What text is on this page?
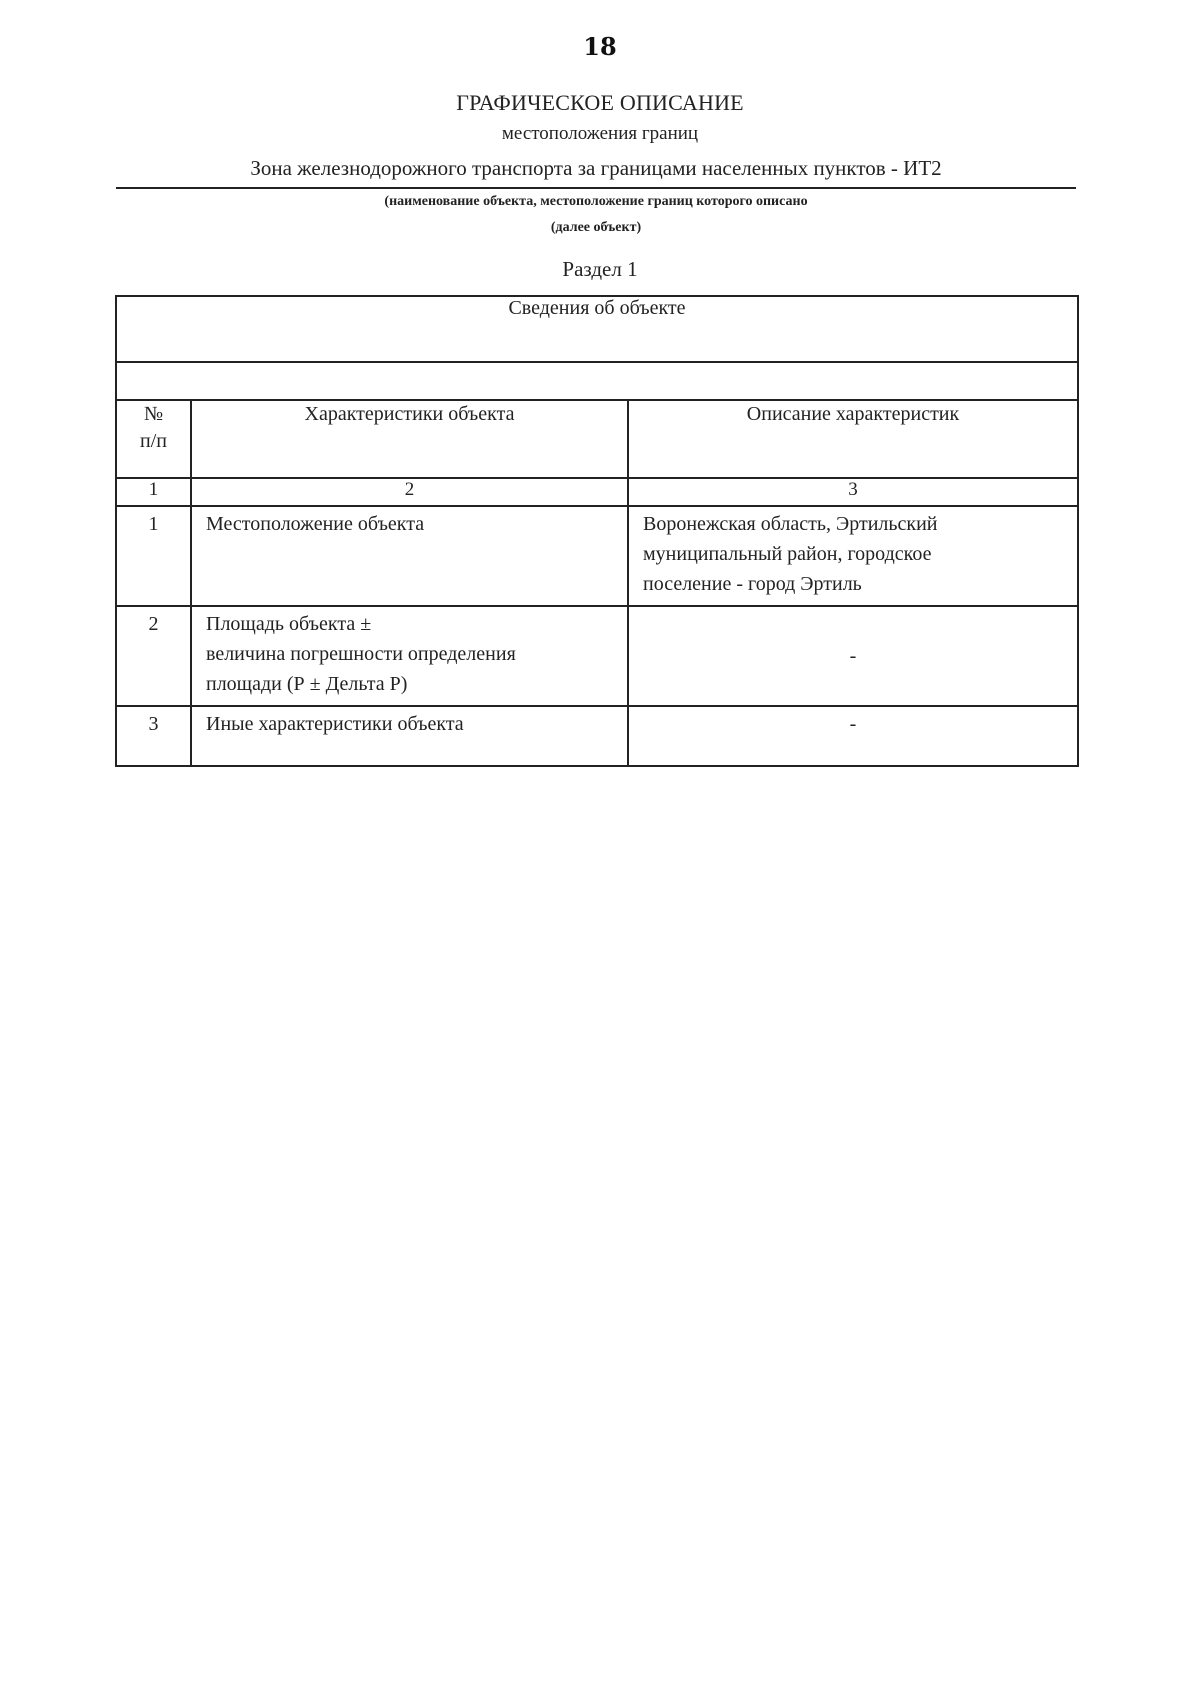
18
ГРАФИЧЕСКОЕ ОПИСАНИЕ
местоположения границ
Зона железнодорожного транспорта за границами населенных пунктов - ИТ2
(наименование объекта, местоположение границ которого описано
(далее объект)
Раздел 1
Сведения об объекте		

№
п/п	Характеристики объекта	Описание характеристик
1	2	3
1	Местоположение объекта	Воронежская область, Эртильский
муниципальный район, городское
поселение - город Эртиль

2	Площадь объекта ±
величина погрешности определения
площади (Р ± Дельта Р)	-
3	Иные характеристики объекта	-
